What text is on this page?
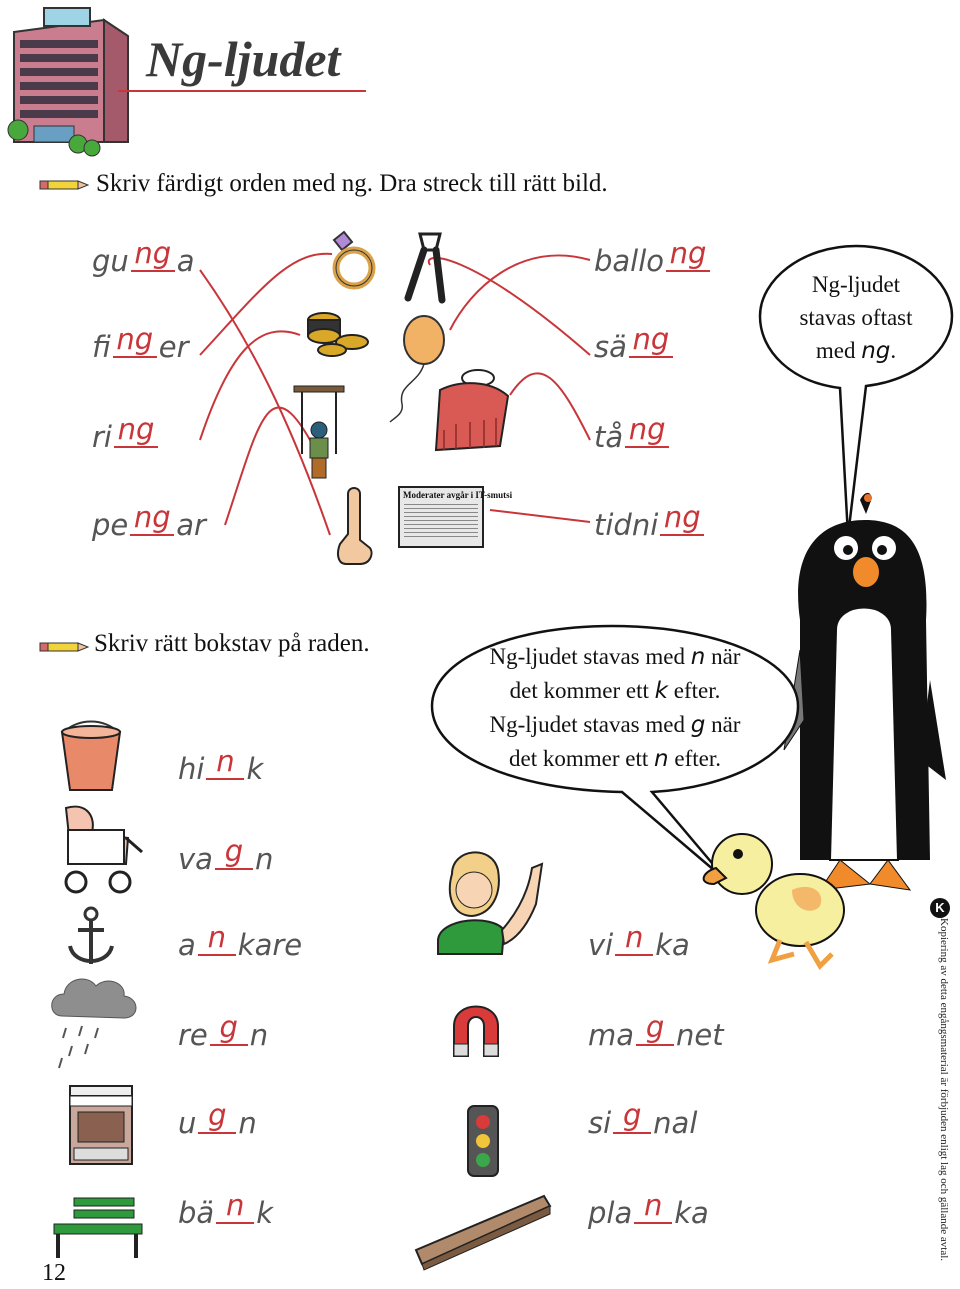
Ng-ljudet
Skriv färdigt orden med ng. Dra streck till rätt bild.
gu ng a
fi ng er
ri ng
pe ng ar
ballo ng
sä ng
tå ng
tidni ng
Moderater avgår i IT-smutsi
Ng-ljudet
stavas oftast
med ng.
Skriv rätt bokstav på raden.	Ng-ljudet stavas med n när
det kommer ett k efter.
Ng-ljudet stavas med g när
det kommer ett n efter.
hi n k
va g n
a n kare
re g n
u g n
bä n k
vi n ka
ma g net
si g nal
pla n ka
12
K
Kopiering av detta engångsmaterial är förbjuden enligt lag och gällande avtal.
